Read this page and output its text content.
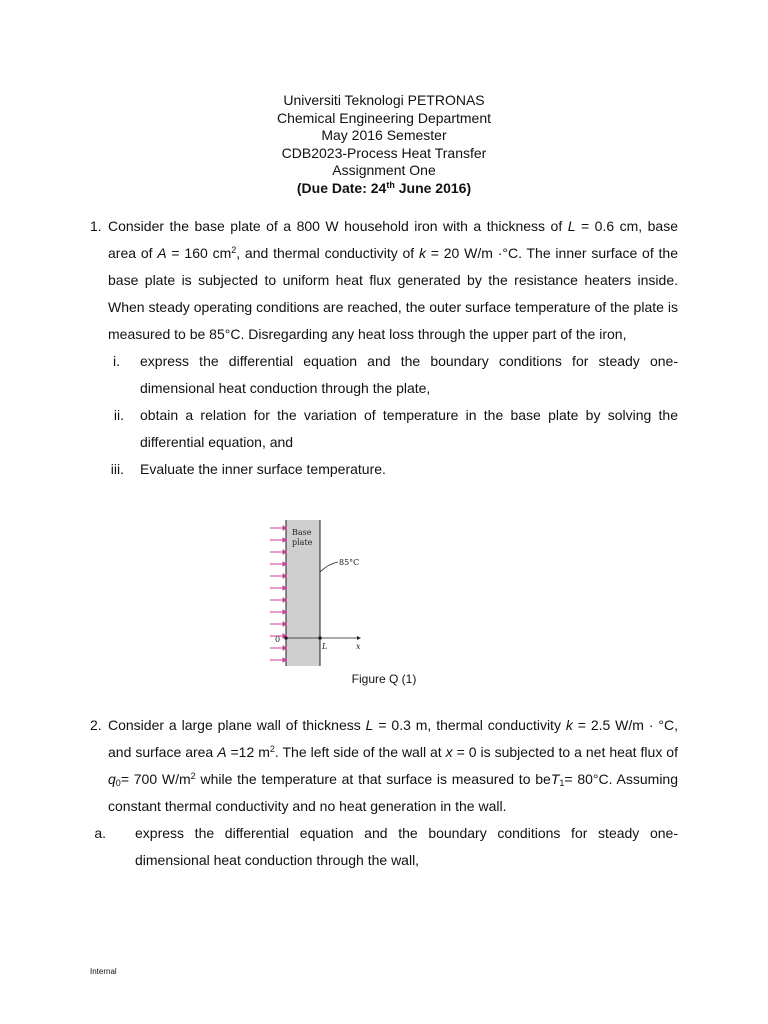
Universiti Teknologi PETRONAS
Chemical Engineering Department
May 2016 Semester
CDB2023-Process Heat Transfer
Assignment One
(Due Date: 24th June 2016)
1. Consider the base plate of a 800 W household iron with a thickness of L = 0.6 cm, base area of A = 160 $cm^2$, and thermal conductivity of k = 20 W/m ·°C. The inner surface of the base plate is subjected to uniform heat flux generated by the resistance heaters inside. When steady operating conditions are reached, the outer surface temperature of the plate is measured to be 85°C. Disregarding any heat loss through the upper part of the iron,
i. express the differential equation and the boundary conditions for steady one-dimensional heat conduction through the plate,
ii. obtain a relation for the variation of temperature in the base plate by solving the differential equation, and
iii. Evaluate the inner surface temperature.
Base
plate
85°C
0
L	x
Figure Q (1)
2. Consider a large plane wall of thickness L = 0.3 m, thermal conductivity k = 2.5 W/m · °C, and surface area A =12 $m^2$. The left side of the wall at x = 0 is subjected to a net heat flux of $q_0= 700$ $W/m^2$ while the temperature at that surface is measured to beT$_1$= 80°C. Assuming constant thermal conductivity and no heat generation in the wall.
a. express the differential equation and the boundary conditions for steady one-dimensional heat conduction through the wall,
Internal
